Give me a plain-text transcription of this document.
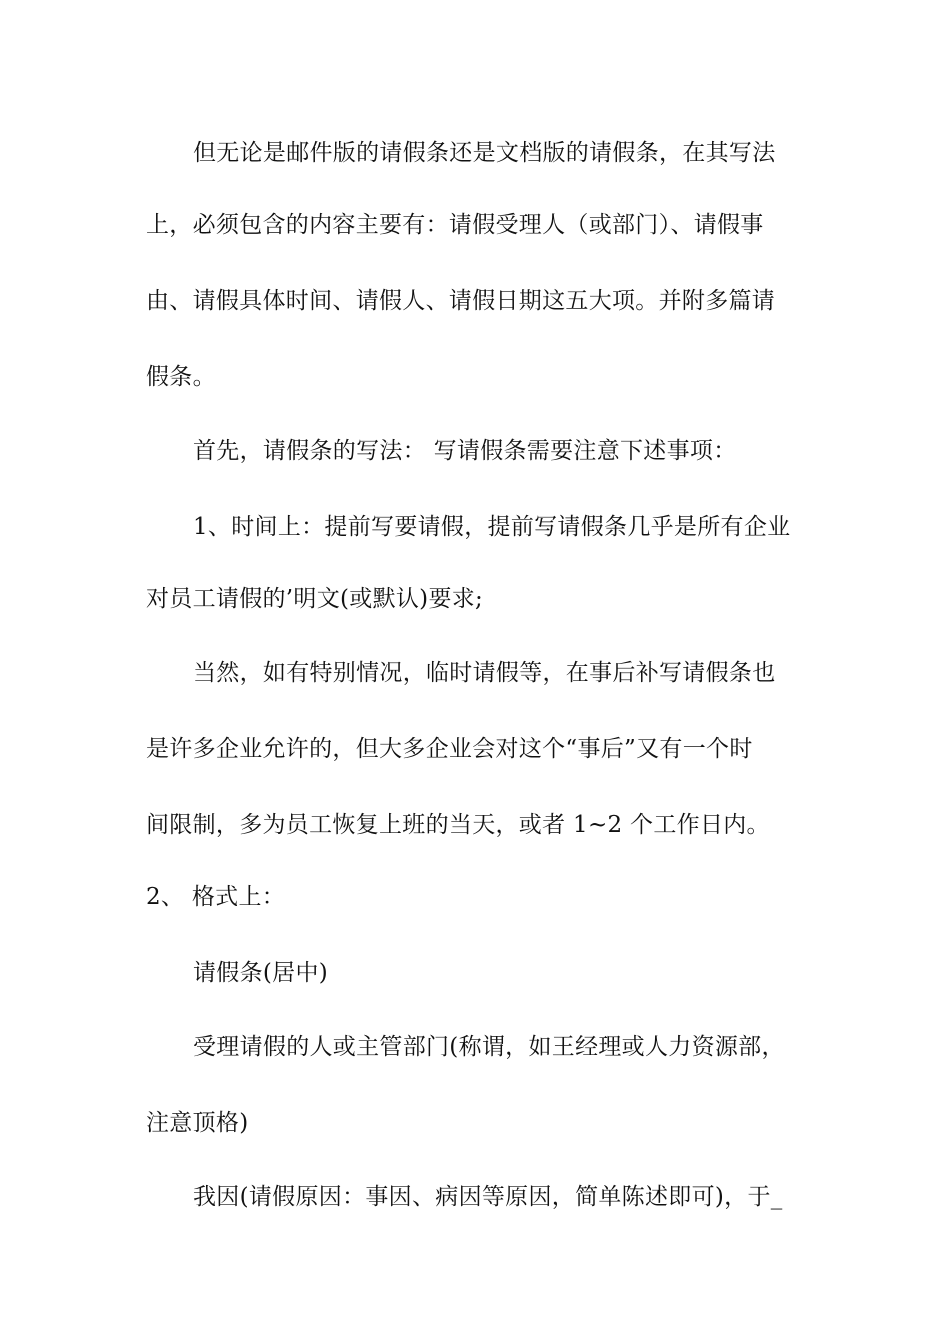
但无论是邮件版的请假条还是文档版的请假条，在其写法
上，必须包含的内容主要有：请假受理人（或部门）、请假事
由、请假具体时间、请假人、请假日期这五大项。并附多篇请
假条。
首先，请假条的写法： 写请假条需要注意下述事项：
1、时间上：提前写要请假，提前写请假条几乎是所有企业
对员工请假的’明文(或默认)要求;
当然，如有特别情况，临时请假等，在事后补写请假条也
是许多企业允许的，但大多企业会对这个“事后”又有一个时
间限制，多为员工恢复上班的当天，或者 1~2 个工作日内。
2、 格式上：
请假条(居中)
受理请假的人或主管部门(称谓，如王经理或人力资源部，
注意顶格)
我因(请假原因：事因、病因等原因，简单陈述即可)，于_
